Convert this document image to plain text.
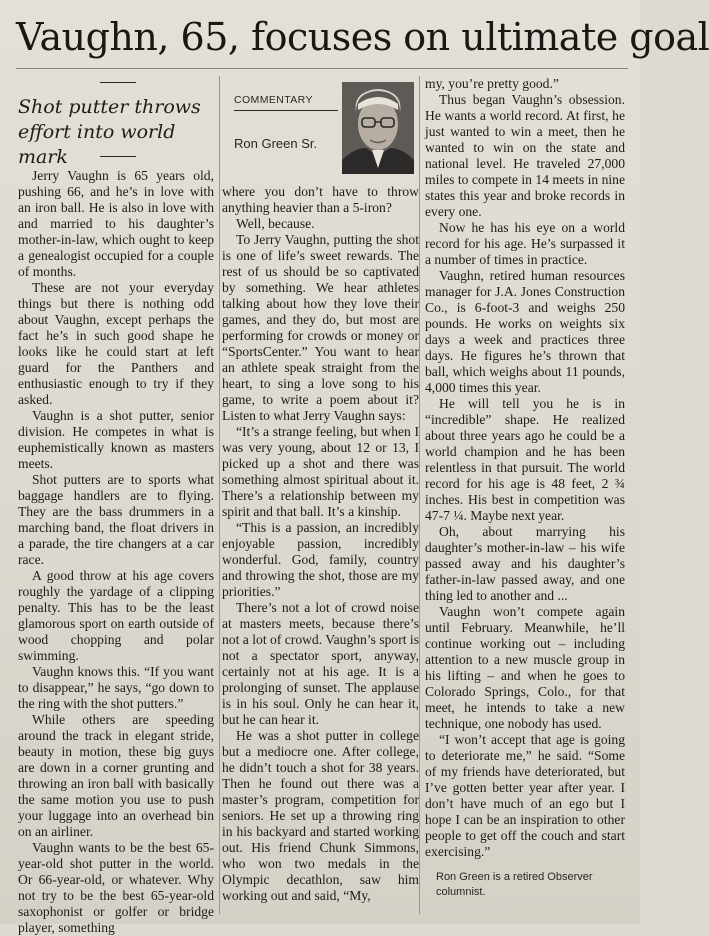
Vaughn, 65, focuses on ultimate goal
Shot putter throws effort into world mark
COMMENTARY
Ron Green Sr.

Jerry Vaughn is 65 years old, pushing 66, and he’s in love with an iron ball. He is also in love with and married to his daughter’s mother-in-law, which ought to keep a genealogist occupied for a couple of months.

These are not your everyday things but there is nothing odd about Vaughn, except perhaps the fact he’s in such good shape he looks like he could start at left guard for the Panthers and enthusiastic enough to try if they asked.

Vaughn is a shot putter, senior division. He competes in what is euphemistically known as masters meets.

Shot putters are to sports what baggage handlers are to flying. They are the bass drummers in a marching band, the float drivers in a parade, the tire changers at a car race.

A good throw at his age covers roughly the yardage of a clipping penalty. This has to be the least glamorous sport on earth outside of wood chopping and polar swimming.

Vaughn knows this. “If you want to disappear,” he says, “go down to the ring with the shot putters.”

While others are speeding around the track in elegant stride, beauty in motion, these big guys are down in a corner grunting and throwing an iron ball with basically the same motion you use to push your luggage into an overhead bin on an airliner.

Vaughn wants to be the best 65-year-old shot putter in the world. Or 66-year-old, or whatever. Why not try to be the best 65-year-old saxophonist or golfer or bridge player, something

where you don’t have to throw anything heavier than a 5-iron?

Well, because.

To Jerry Vaughn, putting the shot is one of life’s sweet rewards. The rest of us should be so captivated by something. We hear athletes talking about how they love their games, and they do, but most are performing for crowds or money or “SportsCenter.” You want to hear an athlete speak straight from the heart, to sing a love song to his game, to write a poem about it? Listen to what Jerry Vaughn says:

“It’s a strange feeling, but when I was very young, about 12 or 13, I picked up a shot and there was something almost spiritual about it. There’s a relationship between my spirit and that ball. It’s a kinship.

“This is a passion, an incredibly enjoyable passion, incredibly wonderful. God, family, country and throwing the shot, those are my priorities.”

There’s not a lot of crowd noise at masters meets, because there’s not a lot of crowd. Vaughn’s sport is not a spectator sport, anyway, certainly not at his age. It is a prolonging of sunset. The applause is in his soul. Only he can hear it, but he can hear it.

He was a shot putter in college but a mediocre one. After college, he didn’t touch a shot for 38 years. Then he found out there was a master’s program, competition for seniors. He set up a throwing ring in his backyard and started working out. His friend Chunk Simmons, who won two medals in the Olympic decathlon, saw him working out and said, “My,

my, you’re pretty good.”

Thus began Vaughn’s obsession. He wants a world record. At first, he just wanted to win a meet, then he wanted to win on the state and national level. He traveled 27,000 miles to compete in 14 meets in nine states this year and broke records in every one.

Now he has his eye on a world record for his age. He’s surpassed it a number of times in practice.

Vaughn, retired human resources manager for J.A. Jones Construction Co., is 6-foot-3 and weighs 250 pounds. He works on weights six days a week and practices three days. He figures he’s thrown that ball, which weighs about 11 pounds, 4,000 times this year.

He will tell you he is in “incredible” shape. He realized about three years ago he could be a world champion and he has been relentless in that pursuit. The world record for his age is 48 feet, 2 ¾ inches. His best in competition was 47-7 ¼. Maybe next year.

Oh, about marrying his daughter’s mother-in-law – his wife passed away and his daughter’s father-in-law passed away, and one thing led to another and ...

Vaughn won’t compete again until February. Meanwhile, he’ll continue working out – including attention to a new muscle group in his lifting – and when he goes to Colorado Springs, Colo., for that meet, he intends to take a new technique, one nobody has used.

“I won’t accept that age is going to deteriorate me,” he said. “Some of my friends have deteriorated, but I’ve gotten better year after year. I don’t have much of an ego but I hope I can be an inspiration to other people to get off the couch and start exercising.”

Ron Green is a retired Observer columnist.
